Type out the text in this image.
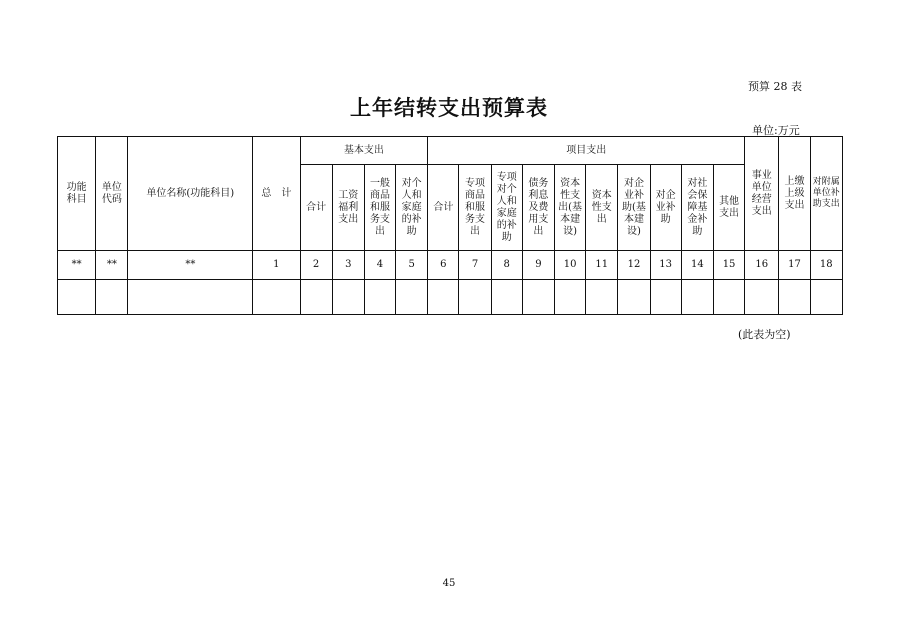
预算 28 表
上年结转支出预算表
单位:万元
功能科目	单位代码	单位名称(功能科目)	总　计	基本支出				项目支出										事业单位经营支出	上缴上级支出	对附属单位补助支出
				合计	工资福利支出	一般商品和服务支出	对个人和家庭的补助	合计	专项商品和服务支出	专项对个人和家庭的补助	债务利息及费用支出	资本性支出(基本建设)	资本性支出	对企业补助(基本建设)	对企业补助	对社会保障基金补助	其他支出			
**	**	**	1	2	3	4	5	6	7	8	9	10	11	12	13	14	15	16	17	18

(此表为空)
45
